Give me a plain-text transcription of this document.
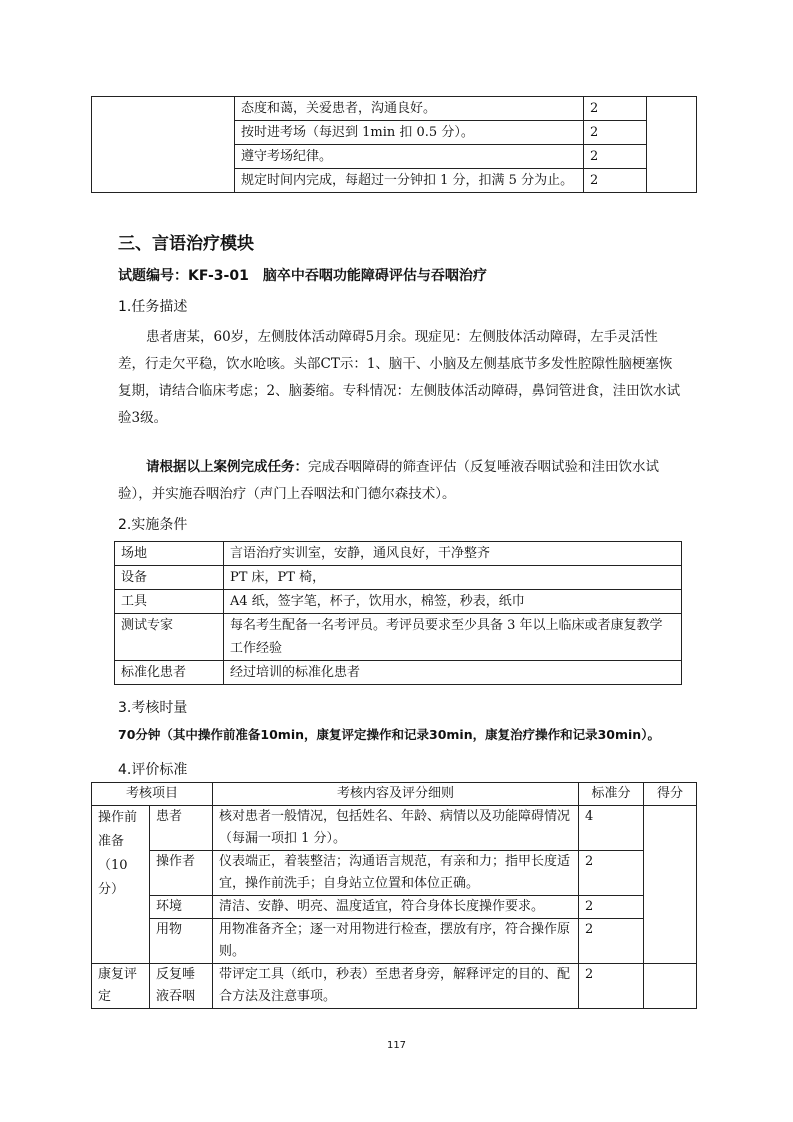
	态度和蔼，关爱患者，沟通良好。	2	
	按时进考场（每迟到 1min 扣 0.5 分）。	2	
	遵守考场纪律。	2	
	规定时间内完成，每超过一分钟扣 1 分，扣满 5 分为止。	2	
三、言语治疗模块
试题编号：KF-3-01　脑卒中吞咽功能障碍评估与吞咽治疗
1.任务描述
患者唐某，60岁，左侧肢体活动障碍5月余。现症见：左侧肢体活动障碍，左手灵活性差，行走欠平稳，饮水呛咳。头部CT示：1、脑干、小脑及左侧基底节多发性腔隙性脑梗塞恢复期，请结合临床考虑；2、脑萎缩。专科情况：左侧肢体活动障碍，鼻饲管进食，洼田饮水试验3级。
请根据以上案例完成任务：完成吞咽障碍的筛查评估（反复唾液吞咽试验和洼田饮水试验），并实施吞咽治疗（声门上吞咽法和门德尔森技术）。
2.实施条件
场地	言语治疗实训室，安静，通风良好，干净整齐
设备	PT 床，PT 椅，
工具	A4 纸，签字笔，杯子，饮用水，棉签，秒表，纸巾
测试专家	每名考生配备一名考评员。考评员要求至少具备 3 年以上临床或者康复教学工作经验
标准化患者	经过培训的标准化患者
3.考核时量
70分钟（其中操作前准备10min，康复评定操作和记录30min，康复治疗操作和记录30min）。
4.评价标准
考核项目		考核内容及评分细则	标准分	得分
操作前准备（10分）	患者	核对患者一般情况，包括姓名、年龄、病情以及功能障碍情况（每漏一项扣 1 分）。	4	
	操作者	仪表端正，着装整洁；沟通语言规范，有亲和力；指甲长度适宜，操作前洗手；自身站立位置和体位正确。	2	
	环境	清洁、安静、明亮、温度适宜，符合身体长度操作要求。	2	
	用物	用物准备齐全；逐一对用物进行检查，摆放有序，符合操作原则。	2	
康复评定	反复唾液吞咽	带评定工具（纸巾，秒表）至患者身旁，解释评定的目的、配合方法及注意事项。	2	
117
